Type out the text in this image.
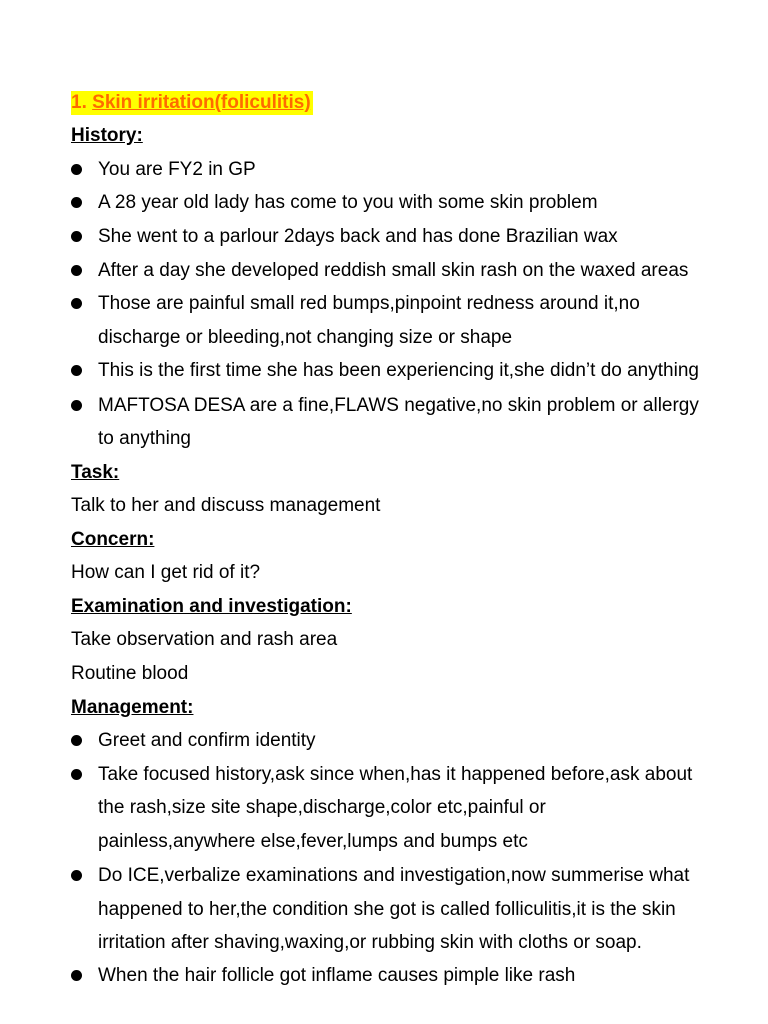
1. Skin irritation(foliculitis)
History:
You are FY2 in GP
A 28 year old lady has come to you with some skin problem
She went to a parlour 2days back and has done Brazilian wax
After a day she developed reddish small skin rash on the waxed areas
Those are painful small red bumps,pinpoint redness around it,no
discharge or bleeding,not changing size or shape
This is the first time she has been experiencing it,she didn’t do anything
MAFTOSA DESA are a fine,FLAWS negative,no skin problem or allergy
to anything
Task:
Talk to her and discuss management
Concern:
How can I get rid of it?
Examination and investigation:
Take observation and rash area
Routine blood
Management:
Greet and confirm identity
Take focused history,ask since when,has it happened before,ask about
the rash,size site shape,discharge,color etc,painful or
painless,anywhere else,fever,lumps and bumps etc
Do ICE,verbalize examinations and investigation,now summerise what
happened to her,the condition she got is called folliculitis,it is the skin
irritation after shaving,waxing,or rubbing skin with cloths or soap.
When the hair follicle got inflame causes pimple like rash
